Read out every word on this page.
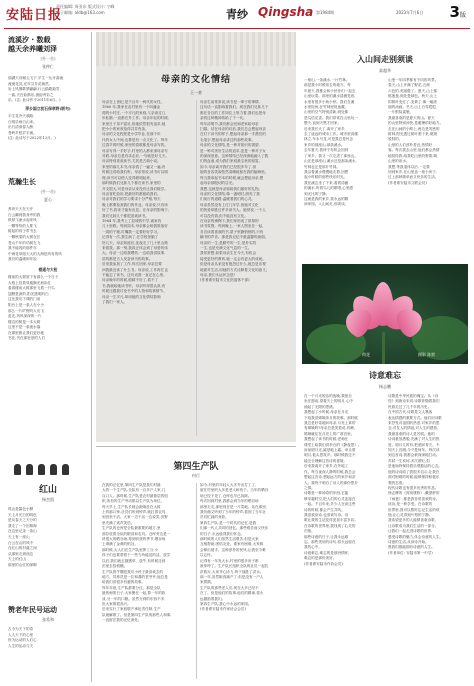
安陆日报
责任编辑: 周亚东 版式设计: 宁峰
电子邮箱: aldb@163.com	青纱 Qingsha 第1984期	2023年7月6日 3版
流溪汐 · 数载
越天余养曦刘泽
(外一首)
张仲仁
丽湖天诗赋云飞下,平生一丛开曲流
流流花浣,光年芬芳花朝然,
岩上风拂歌梦翩翩,行云踏歌踏雪
一曲,天在仙鹤乐,流韵秀彩之
乐。(注: 此诗作于2011年6月。)
萍乡国立初石保孝野(联句)
平生花冷天翁路,
白明乐雨白山来。
出行清深春人醉,
苍岭乡愁岁平流。
(注: 此诗写于2022年12月。)
荒瀚生长
(外一首)
夏心
养育天天在天开
白云翻到我身旁的我
纸梦飞流水起来风
一颗等待的人要飞
树起的孩子带书去
一颗秋果的大树在长
苍山千年的幼树在飞
我不能再的那件年
中海花草阅天大的大海是所有的风
我们的温暖和年轻
楼道与大枪
楼前的大树底下有那么一个日子
大枪上挂着凤凰飘光和彩红
看看楼前大树那里飞着一只鸟
翅膀是深的,阳光透明的白
这比我们下课的门前
阳台上是一条人在小小
那么一片旷野的人们飞
蓝光,风风深深的一片
楼边的树是一本大树
这里不是一条流水落
在那里都让我们更好地
书在,书在那里爱的人们
红山
杨杰凯
孤山是露色小柳
天上月光白的明色
是从春天之天分的
我走了一个旧林海
在这里记录一条山
天上有一座山
白云在山的风中
在红山的村落之间
从那里走到西边
天上的红山
那里的山红的深啊
赞老年民号运动
张希和
古今为天下的奇
人人天下的心里
世为运动的人们心
人生的运动与天
母亲的文化情结
王一豪
母亲在上世纪,是千百年一两代的女性。
1960 年,我家在农村里有一个叫潘金
湾的小村庄,一个平凡的家庭,父亲读过几
年私塾,一直都在外工作。母亲年轻的时候,
家里日子虽不富足,但她依然很有追求,她
把小小的家收拾得井井有条。
母亲的文化程度是小学毕业,在那个年
代的女人中间,也算是有一点文化了。每年
过春节的时候,家里的春联都是母亲写的。
母亲写得一手好字,村里的人都来请母亲写
对联,母亲总是有求必应,一写就是好几天。
母亲特别喜欢读书,尤其是古典小说。
家里的那几本书,母亲看了一遍又一遍,有
时候还讲给我们听。母亲常说,读书可以明
理,读书可以使人变得聪明起来。
那时候我们兄妹几个都在读书,家里的
开支很大,可是母亲从来没有让我们辍学。
母亲省吃俭用,把最好的都留给我们。
母亲对我们的学习要求十分严格,每天
晚上都要检查我们的作业。母亲说,只有读
好了书,将来才能有出息。在母亲的影响下,
我们兄妹几个都很喜欢读书。
1964 年,我考上了县城的中学,离家有
几十里路。每到周末,母亲都会给我准备好
一周的干粮,叮嘱我一定要好好学习。
记得有一次,我生病了,在学校里躺了
好几天。母亲知道后,连夜走了几十里山路
来看我。那一刻,我真正体会到了母爱的伟
大。母亲一边给我喂药,一边给我讲故事,
讲的都是古人发奋读书的故事。
后来我参加了工作,每次回家,母亲总要
问我最近读了什么书。母亲说,工作再忙也
不能忘了读书。这句话我一直记在心里。
母亲晚年的时候,眼睛不好了,看不了
书,我就给她读书听。母亲听得很认真,有
时候还跟我讨论书中的人物和故事情节。
母亲一生平凡,却用她的文化情结影响
了我们一家人。
母亲生前常常说,读书是一辈子的事情,
这句话一直影响着我们。现在我们兄妹几个
都在各自的工作岗位上努力着,我们也把母
亲的这种精神传给了下一代。
每年清明节,我们都会回到老家给母亲
扫墓。站在母亲的坟前,我们总会想起母亲
在灯下读书的样子,想起母亲那一手漂亮的
毛笔字,想起母亲讲过的那些故事。
母亲的文化情结,是一种对知识的渴望,
是一种对美好生活的追求,更是一种对子女
的深深爱意。这种情结已经深深地融入了我
们的血液,成为我们家庭最宝贵的财富。
如今,母亲离开我们已经很多年了,但
她的音容笑貌依然清晰地留在我的脑海里。
每当我拿起书本的时候,就会想起母亲,想
起母亲那殷切的目光。
我想,这就是母亲留给我们最好的礼物。
母亲的文化情结,像一盏明灯,照亮了我
们前行的道路,温暖着我们的心灵。
母亲虽然没有上过几年学,但她对文化
的热爱却胜过许多读书人。她常说,一个人
可以没有钱,但不能没有文化。
在母亲的熏陶下,我们家形成了浓厚的
读书氛围。每到晚上,一家人围坐在一起,
各自读着喜欢的书,屋子里静悄悄的,只有
翻书的声音。那是我记忆中最温馨的画面。
母亲的一生,是勤劳的一生,是朴实的
一生,也是充满文化气息的一生。
我常常想,如果母亲生在今天,有机会
接受更好的教育,她一定会有更大的成就。
但是母亲从来没有抱怨过什么,她总是乐观
地面对生活,用她的方式诠释着文化的意义。
母亲,我们永远怀念您!
(作者系安陆市文化馆退休干部)
第四生产队
何行
在我的记忆里,第四生产队是我们村最
大的一个生产队,全队有一百多户人家,几
百口人。那时候,生产队是农村最基层的组
织,所有的生产劳动都以生产队为单位。
每天早上,生产队长就会敲响挂在大树
上的那口钟,社员们听到钟声,就扛着农具
到田里干活。大家一边干活一边说笑,田野
里充满了欢声笑语。
生产队的仓库是全队最重要的地方,里
面存放着全队的粮食和农具。仓库旁边是一
块很大的晒谷场,每到收获的季节,晒谷场
上堆满了金黄的稻谷。
那时候,大人们在生产队里挣工分,小
孩子们也要帮着干一些力所能及的活。放学
以后,我们就去割猪草、放牛,有时候还到
田里去拾稻穗。
生产队的牛棚是我们小孩子最喜欢去的
地方。饲养员是一位和蔼的老爷爷,他总是
给我们讲很多有趣的故事。
每年年底,生产队都要分红。那是全队
最热闹的日子,大家聚在一起,算一年的收
成,分一年的口粮。虽然分到的东西不多,
但大家都很高兴。
后来实行了家庭联产承包责任制,生产
队就解散了。但是第四生产队的那些人和事,
一直留在我的记忆深处。
如今,村里的年轻人大多外出打工了,
留在村里的大多是老人和孩子。当年的晒谷
场已经不见了,仓库也早已拆除。
每次回到村里,我都会到当年的晒谷场
那里走走,那里现在是一片菜地。站在那里,
我仿佛又听到了当年的钟声,看到了当年社
员们忙碌的身影。
第四生产队,是一个时代的记忆,是我
们那一代人共同的回忆。那些艰苦而又快乐
的日子,永远值得我们怀念。
那时候的人们虽然生活艰苦,但是大家
互相帮助,团结友爱。谁家有困难,大家都
会伸出援手。这种淳朴的民风,让我至今难
以忘怀。
记得有一年发大水,村里的很多房子都
被冲垮了。生产队长组织全队的社员一起抗
洪救灾,大家齐心协力,终于战胜了洪水。
那一年,虽然粮食减产了,但是没有一户人
家挨饿。
生产队的那些老人们,现在大多已经不
在了。但是他们的故事,他们的精神,将永
远激励着我们。
第四生产队,我心中永远的家园。
(作者系安陆市作家协会会员)
入山间走别须谈
高超华
一座山,一条溪水,一片竹林。
那是我小时候常去的地方。每
年夏天,我都会和小伙伴们一起去
山里玩耍。那里的溪水清澈见底,
水里有很多小鱼小虾。我们在溪
水里捉鱼,在竹林里捉迷藏。
山里的空气特别清新,到处都
是鸟语花香。我们常常在山里玩一
整天,直到天黑才回家。
后来我长大了,离开了家乡,
去了遥远的城市工作。城市里高楼
林立,车水马龙,可是我总是怀念
家乡的那座山,那条溪水。
去年夏天,我终于有机会回到
了家乡。我又一次走进了那座山。
山还是那座山,溪水还是那条溪水,
竹林也还是那片竹林。
我沿着溪水慢慢地走着,回想
起小时候的那些快乐时光。
我在溪边坐了下来,看着清澈
的溪水,听着鸟儿的歌唱,心里感
到无比的宁静。
这就是我的家乡,我永远的精
神家园。入山间走,别须谈。
山里一年四季都有不同的风景。
春天,山上开满了野花,五颜
六色的,美丽极了。夏天,山上郁
郁葱葱,到处是绿色。秋天,山上
的树叶变红了,变黄了,像一幅美
丽的油画。冬天,山上白雪皑皑,
一片银装素裹。
我最喜欢的是夏天的山。夏天
的山里特别凉快,是避暑的好地方。
走在山间的小路上,两边是茂密的
树林,阳光透过树叶洒下来,斑斑
驳驳的。
山里的人们淳朴善良,热情好
客。每次我去山里,他们都会热情
地招待我,给我吃山里的野果,喝
山里的泉水。
我想,等我退休以后,一定要
回到家乡,在山里盖一座小房子,
过上那种简单而又快乐的生活。
(作者系安陆市文联会员)
荷花	摄影 陈默
诗意难忘
杨志鹏
在一个月光皎洁的夜晚,我独自
坐在窗前,望着天上的明月,心中
涌起了无限的思绪。
我想起了小时候,母亲在月光
下给我讲嫦娥奔月的故事。那时候
我总是好奇地问母亲,月亮上真的
有嫦娥吗?母亲总是笑着说,有啊,
嫦娥就住在月亮上的广寒宫里。
我想起了读书的时候,老师在
课堂上给我们讲李白的《静夜思》。
床前明月光,疑是地上霜。举头望
明月,低头思故乡。那时候我还不
能完全理解这首诗的意境。
后来我离开了家乡,在外地工
作。每当夜深人静的时候,我总会
想起这首诗,想起远方的家乡和亲
人。我终于明白了诗人的那份思乡
之情。
诗歌是一种神奇的东西,它能
够穿越时空,把人们的心灵连接在
一起。千百年来,多少人在读这些
诗的时候,都会产生共鸣。
我喜欢读诗,也喜欢写诗。诗
歌让我的生活变得更加丰富多彩。
在诗歌的世界里,我找到了心灵的
归宿。
那些诗意的日子,让我永远难
忘。那些美好的诗句,将永远留在
我的心中。
诗意难忘,难忘的是那份情怀,
难忘的是那份美好。
(作者系安陆市作协会员)
诗歌是中华民族的瑰宝。从《诗
经》到唐诗宋词,诗歌伴随着我们
民族走过了几千年的历史。
在中国古代,诗歌是文人墨客
表达情感的重要方式。他们用诗歌
来抒发对祖国的热爱,对家乡的思
念,对友人的情谊,对人生的感悟。
我最喜欢的诗人是苏轼。他的
诗词豪放洒脱,充满了对人生的热
爱。明月几时有,把酒问青天。不
知天上宫阙,今夕是何年。每次读
到这首词,我都会被深深地打动。
苏轼一生坎坷,多次被贬,但
是他始终保持着乐观豁达的心态。
他的诗词给了我很多启示,让我在
面对困难的时候,能够保持积极乐
观的态度。
现代诗歌也有很多优秀的作品。
徐志摩的《再别康桥》,戴望舒的
《雨巷》,都是我非常喜欢的诗。
读诗,是一种享受。在诗歌的
世界里,我可以暂时忘记生活的烦
恼,让心灵得到片刻的宁静。
我希望更多的人能够喜欢诗歌,
让诗歌成为我们生活的一部分。
让我们一起走进诗歌的世界,
感受诗歌的魅力,体会诗意的人生。
诗意的生活,从读诗开始。
愿我们都能拥有诗意的人生。
(作者单位: 安陆市第一中学)
